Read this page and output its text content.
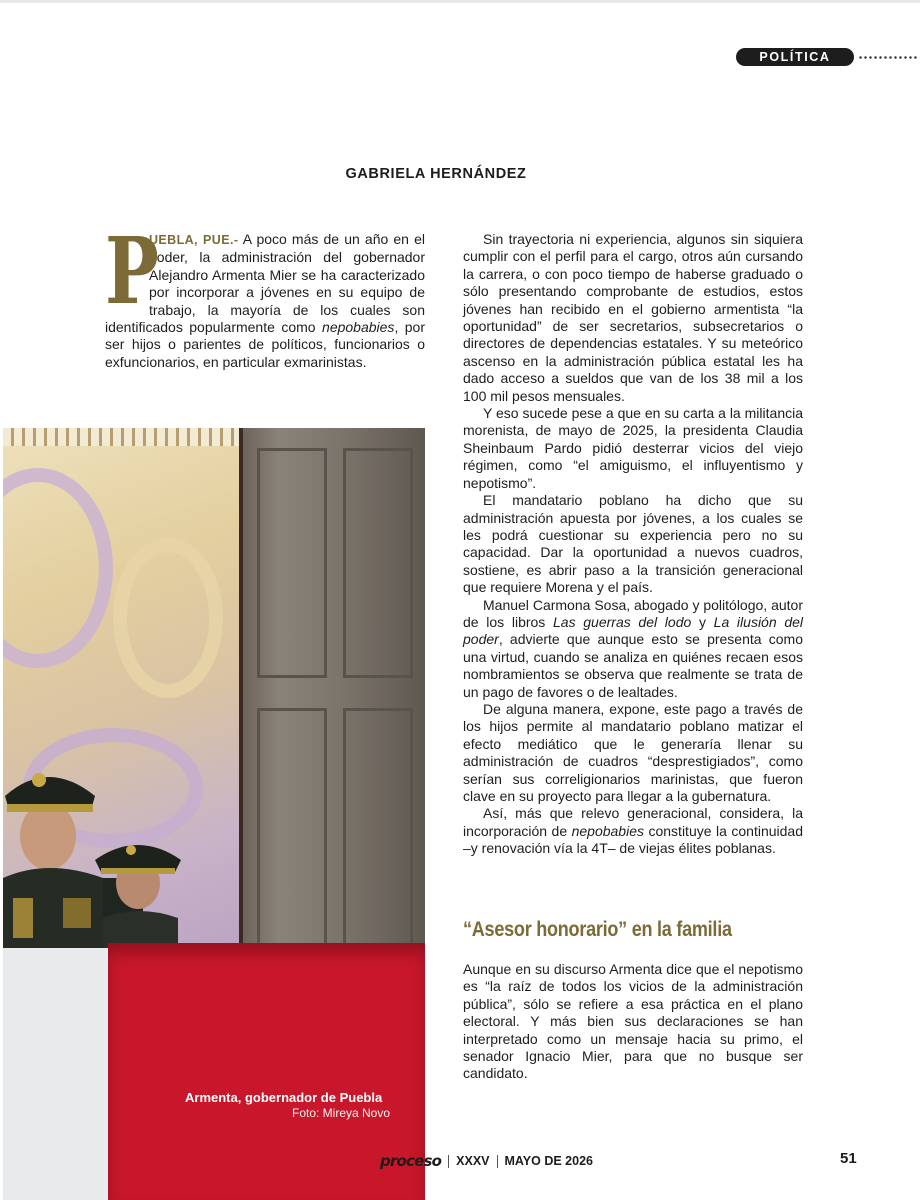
POLÍTICA
GABRIELA HERNÁNDEZ
P

UEBLA, PUE.- A poco más de un año en el poder, la administración del gobernador Alejandro Armenta Mier se ha caracterizado por incorporar a jóvenes en su equipo de trabajo, la mayoría de los cuales son identificados popularmente como nepobabies, por ser hijos o parientes de políticos, funcionarios o exfuncionarios, en particular exmarinistas.

Sin trayectoria ni experiencia, algunos sin siquiera cumplir con el perfil para el cargo, otros aún cursando la carrera, o con poco tiempo de haberse graduado o sólo presentando comprobante de estudios, estos jóvenes han recibido en el gobierno armentista “la oportunidad” de ser secretarios, subsecretarios o directores de dependencias estatales. Y su meteórico ascenso en la administración pública estatal les ha dado acceso a sueldos que van de los 38 mil a los 100 mil pesos mensuales.

Y eso sucede pese a que en su carta a la militancia morenista, de mayo de 2025, la presidenta Claudia Sheinbaum Pardo pidió desterrar vicios del viejo régimen, como “el amiguismo, el influyentismo y nepotismo”.

El mandatario poblano ha dicho que su administración apuesta por jóvenes, a los cuales se les podrá cuestionar su experiencia pero no su capacidad. Dar la oportunidad a nuevos cuadros, sostiene, es abrir paso a la transición generacional que requiere Morena y el país.

Manuel Carmona Sosa, abogado y politólogo, autor de los libros Las guerras del lodo y La ilusión del poder, advierte que aunque esto se presenta como una virtud, cuando se analiza en quiénes recaen esos nombramientos se observa que realmente se trata de un pago de favores o de lealtades.

De alguna manera, expone, este pago a través de los hijos permite al mandatario poblano matizar el efecto mediático que le generaría llenar su administración de cuadros “desprestigiados”, como serían sus correligionarios marinistas, que fueron clave en su proyecto para llegar a la gubernatura.

Así, más que relevo generacional, considera, la incorporación de nepobabies constituye la continuidad –y renovación vía la 4T– de viejas élites poblanas.

“Asesor honorario” en la familia

Aunque en su discurso Armenta dice que el nepotismo es “la raíz de todos los vicios de la administración pública”, sólo se refiere a esa práctica en el plano electoral. Y más bien sus declaraciones se han interpretado como un mensaje hacia su primo, el senador Ignacio Mier, para que no busque ser candidato.

Armenta, gobernador de Puebla
Foto: Mireya Novo
proceso XXXV MAYO DE 2026	51
